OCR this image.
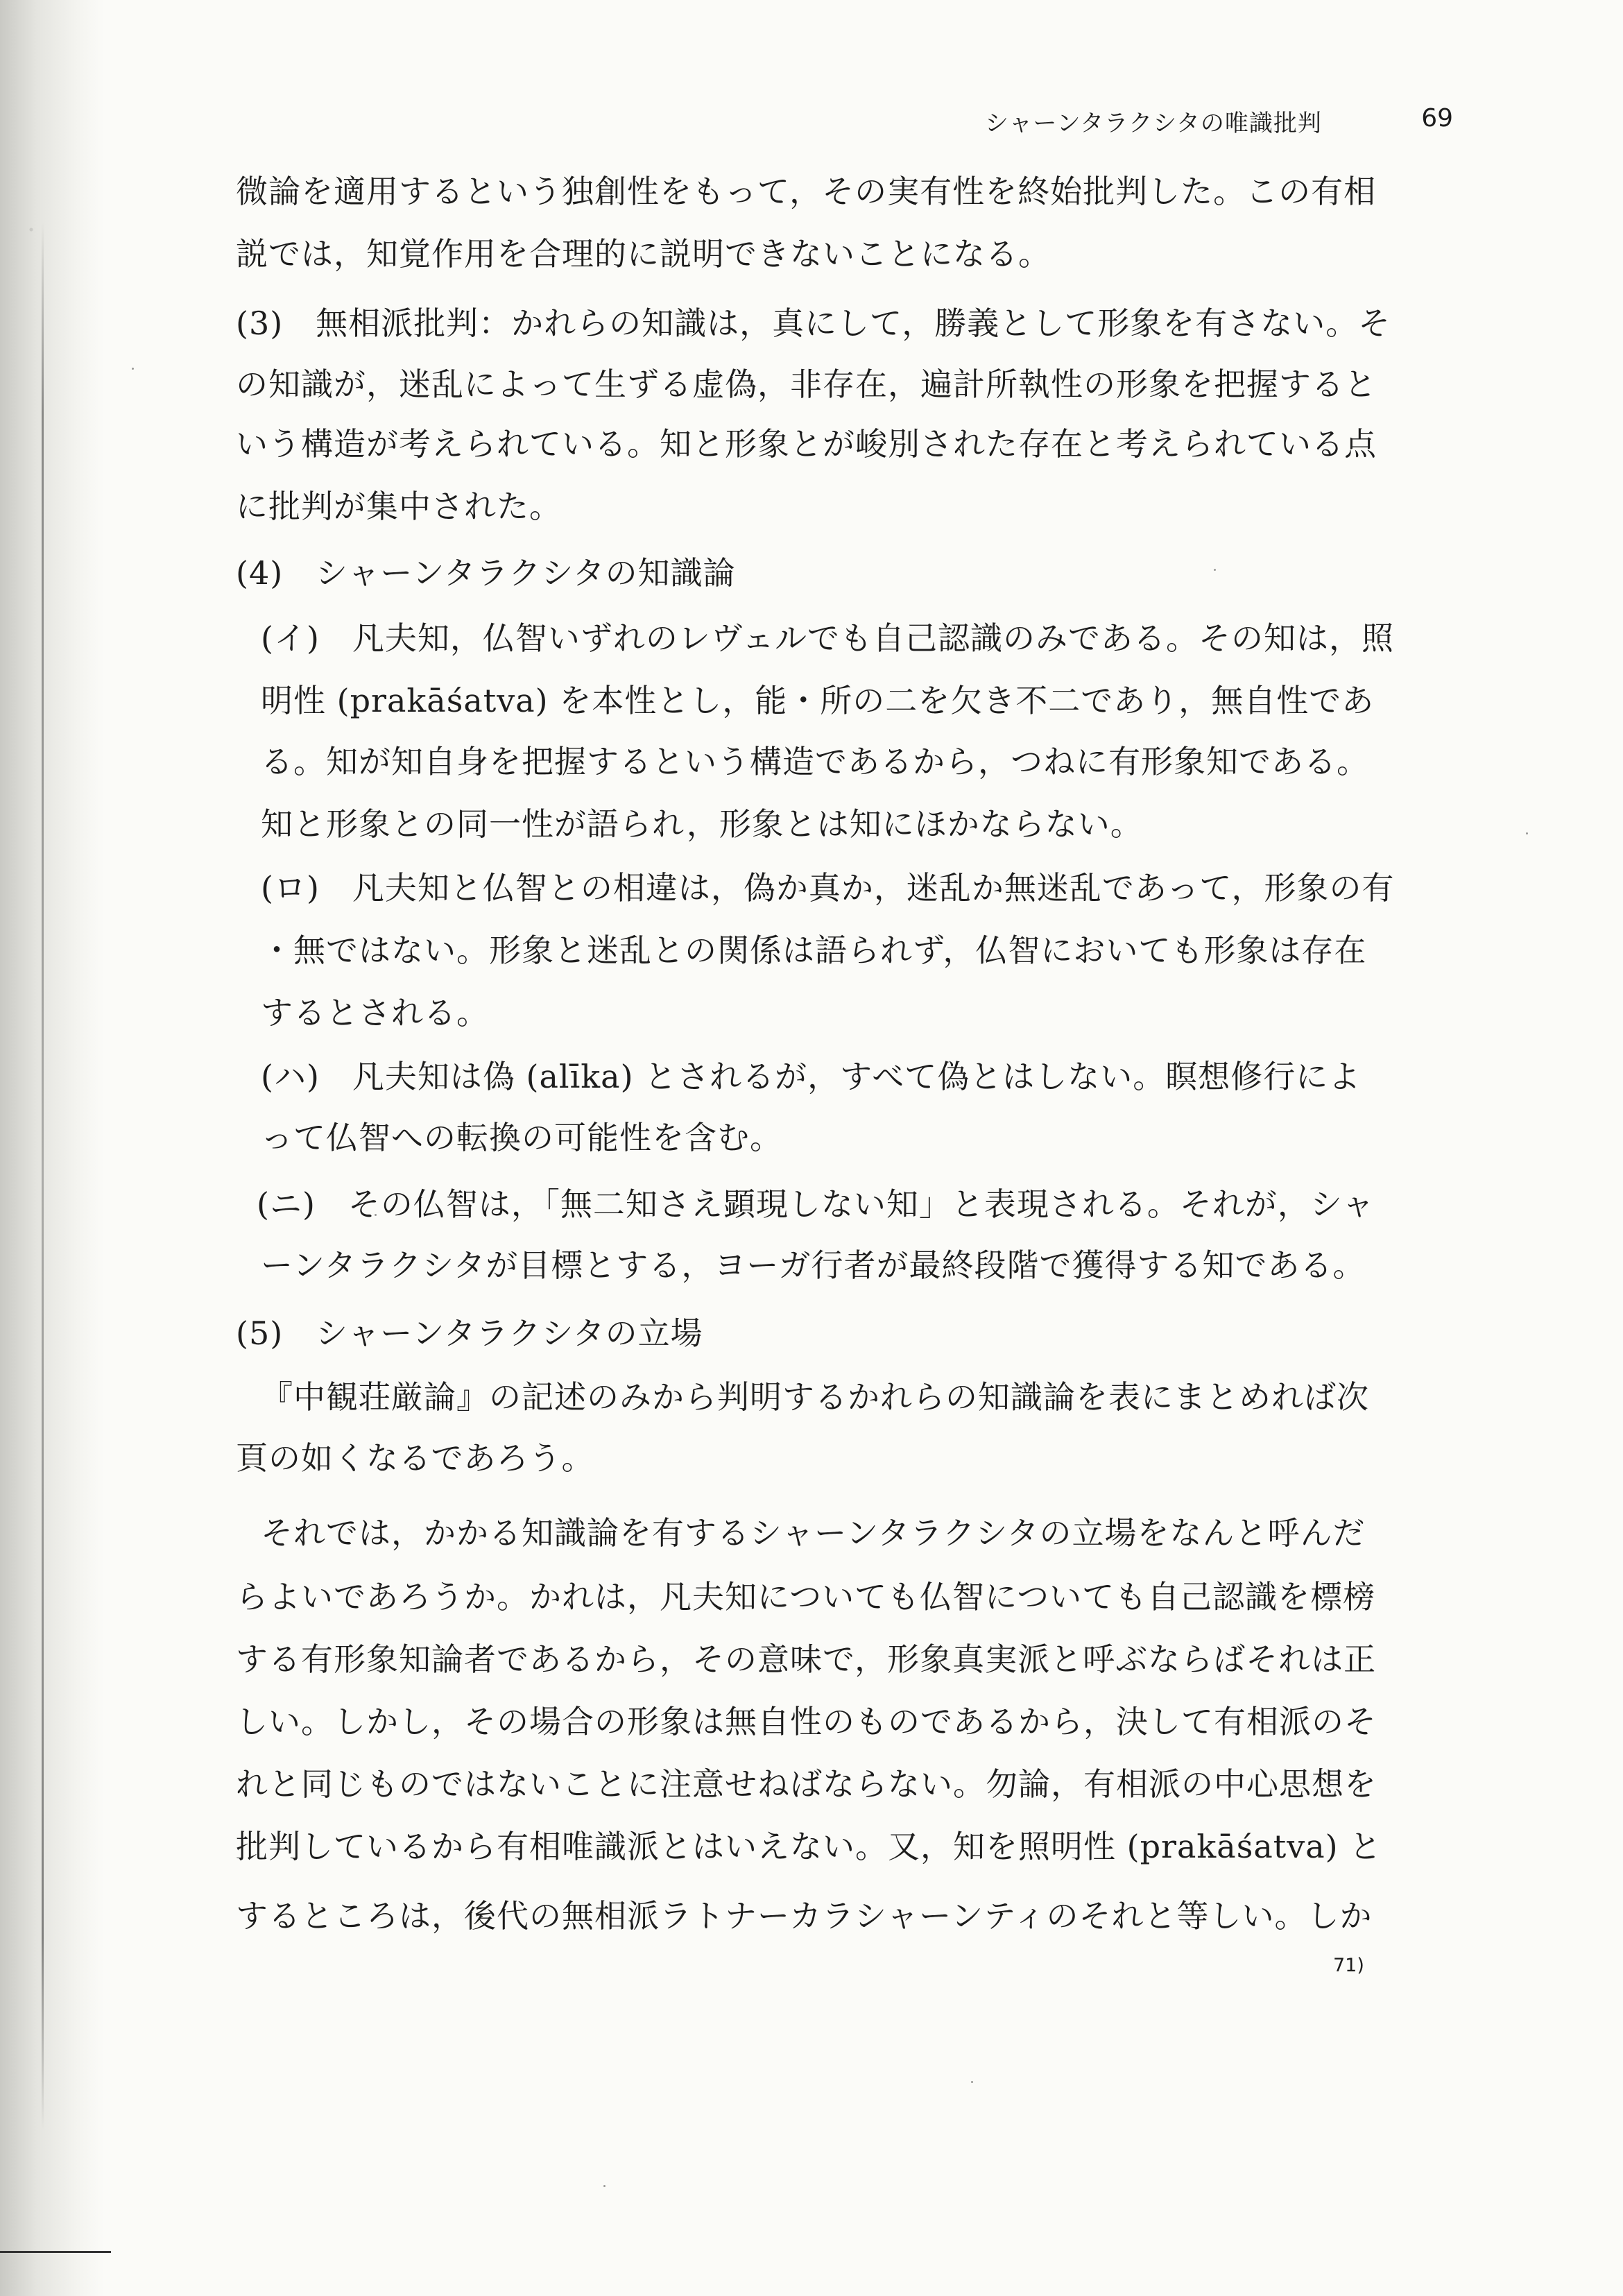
シャーンタラクシタの唯識批判	69
微論を適用するという独創性をもって，その実有性を終始批判した。この有相
説では，知覚作用を合理的に説明できないことになる。
(3)　無相派批判：かれらの知識は，真にして，勝義として形象を有さない。そ
の知識が，迷乱によって生ずる虚偽，非存在，遍計所執性の形象を把握すると
いう構造が考えられている。知と形象とが峻別された存在と考えられている点
に批判が集中された。
(4)　シャーンタラクシタの知識論
(イ)　凡夫知，仏智いずれのレヴェルでも自己認識のみである。その知は，照
明性 (prakāśatva) を本性とし，能・所の二を欠き不二であり，無自性であ
る。知が知自身を把握するという構造であるから，つねに有形象知である。
知と形象との同一性が語られ，形象とは知にほかならない。
(ロ)　凡夫知と仏智との相違は，偽か真か，迷乱か無迷乱であって，形象の有
・無ではない。形象と迷乱との関係は語られず，仏智においても形象は存在
するとされる。
(ハ)　凡夫知は偽 (alīka) とされるが，すべて偽とはしない。瞑想修行によ
って仏智への転換の可能性を含む。
(ニ)　その仏智は，「無二知さえ顕現しない知」と表現される。それが，シャ
ーンタラクシタが目標とする，ヨーガ行者が最終段階で獲得する知である。
(5)　シャーンタラクシタの立場
『中観荘厳論』の記述のみから判明するかれらの知識論を表にまとめれば次
頁の如くなるであろう。
それでは，かかる知識論を有するシャーンタラクシタの立場をなんと呼んだ
らよいであろうか。かれは，凡夫知についても仏智についても自己認識を標榜
する有形象知論者であるから，その意味で，形象真実派と呼ぶならばそれは正
しい。しかし，その場合の形象は無自性のものであるから，決して有相派のそ
れと同じものではないことに注意せねばならない。勿論，有相派の中心思想を
批判しているから有相唯識派とはいえない。又，知を照明性 (prakāśatva) と
するところは，後代の無相派ラトナーカラシャーンティのそれと等しい。しか
71)
